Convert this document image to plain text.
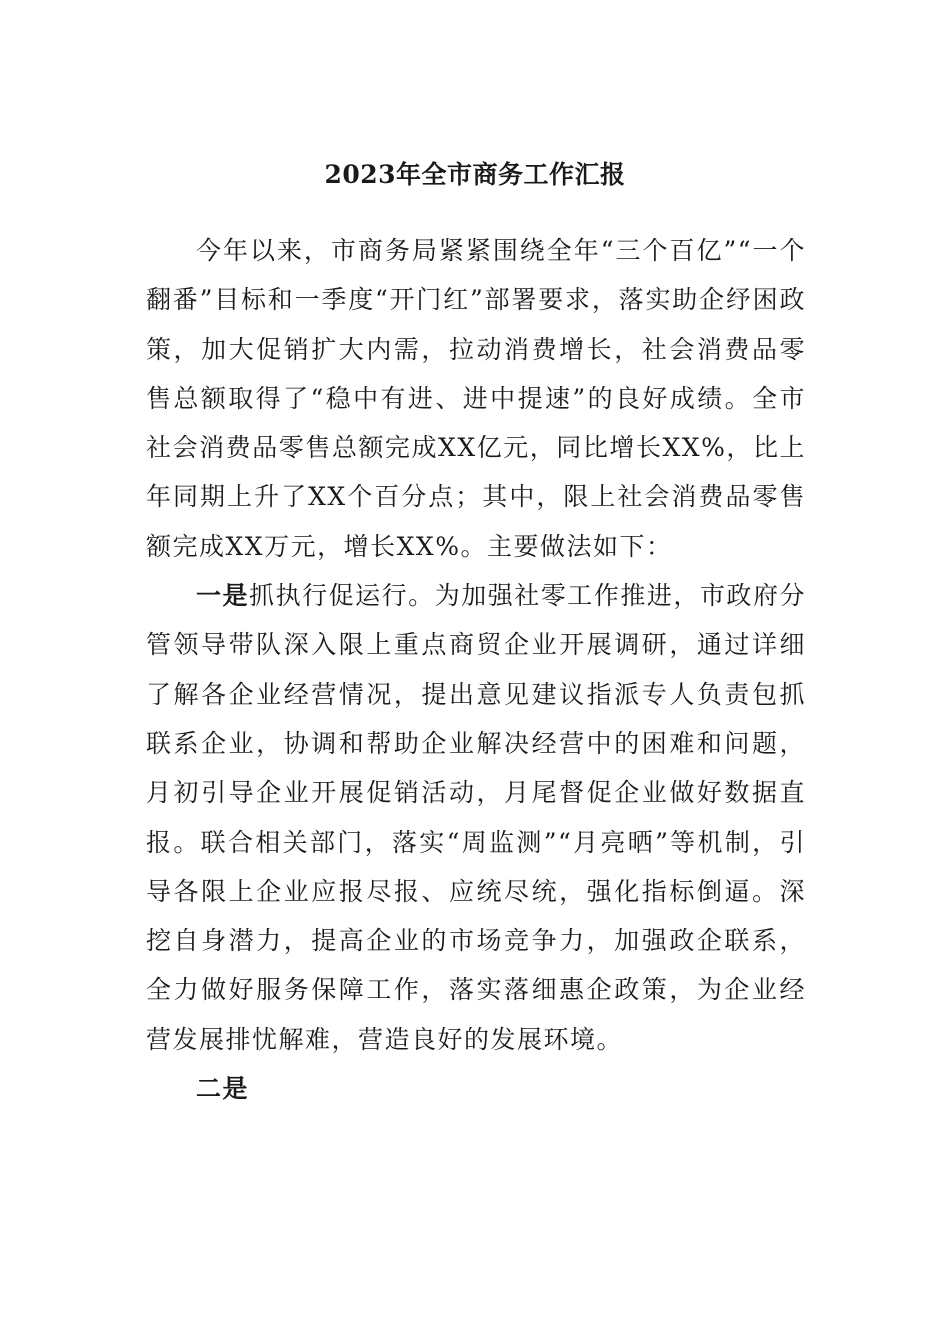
2023年全市商务工作汇报

今年以来，市商务局紧紧围绕全年“三个百亿”“一个翻番”目标和一季度“开门红”部署要求，落实助企纾困政策，加大促销扩大内需，拉动消费增长，社会消费品零售总额取得了“稳中有进、进中提速”的良好成绩。全市社会消费品零售总额完成XX亿元，同比增长XX%，比上年同期上升了XX个百分点；其中，限上社会消费品零售额完成XX万元，增长XX%。主要做法如下：

一是抓执行促运行。为加强社零工作推进，市政府分管领导带队深入限上重点商贸企业开展调研，通过详细了解各企业经营情况，提出意见建议指派专人负责包抓联系企业，协调和帮助企业解决经营中的困难和问题，月初引导企业开展促销活动，月尾督促企业做好数据直报。联合相关部门，落实“周监测”“月亮晒”等机制，引导各限上企业应报尽报、应统尽统，强化指标倒逼。深挖自身潜力，提高企业的市场竞争力，加强政企联系，全力做好服务保障工作，落实落细惠企政策，为企业经营发展排忧解难，营造良好的发展环境。

二是
